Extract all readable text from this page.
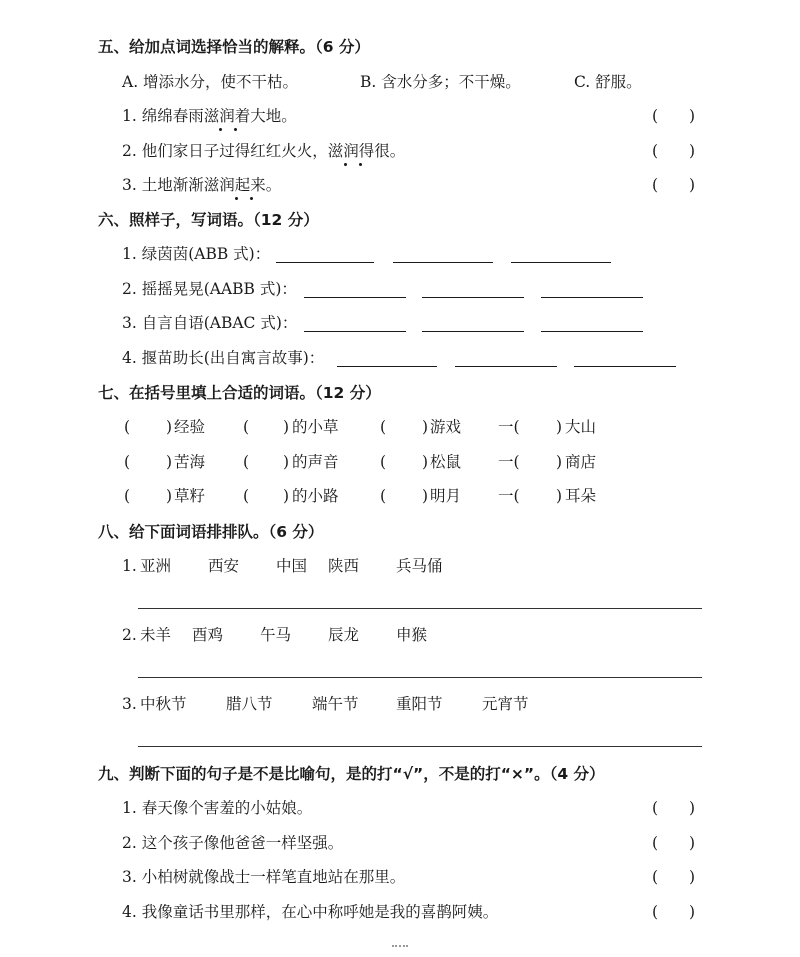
五、给加点词选择恰当的解释。（6 分）
A. 增添水分，使不干枯。	B. 含水分多；不干燥。	C. 舒服。
1. 绵绵春雨滋润着大地。	(　　)
2. 他们家日子过得红红火火，滋润得很。	(　　)
3. 土地渐渐滋润起来。	(　　)
六、照样子，写词语。（12 分）
1. 绿茵茵(ABB 式)：
2. 摇摇晃晃(AABB 式)：
3. 自言自语(ABAC 式)：
4. 揠苗助长(出自寓言故事)：
七、在括号里填上合适的词语。（12 分）
( ) 经验 ( ) 的小草	( ) 游戏 一( ) 大山
( ) 苦海 ( ) 的声音	( ) 松鼠 一( ) 商店
( ) 草籽 ( ) 的小路	( ) 明月 一( ) 耳朵
八、给下面词语排排队。（6 分）
1. 亚洲 西安 中国 陕西 兵马俑
2. 未羊 酉鸡 午马 辰龙 申猴
3. 中秋节	腊八节	端午节 重阳节	元宵节
九、判断下面的句子是不是比喻句，是的打“√”，不是的打“×”。（4 分）
1. 春天像个害羞的小姑娘。	(　　)
2. 这个孩子像他爸爸一样坚强。	(　　)
3. 小柏树就像战士一样笔直地站在那里。	(　　)
4. 我像童话书里那样，在心中称呼她是我的喜鹊阿姨。	(　　)
